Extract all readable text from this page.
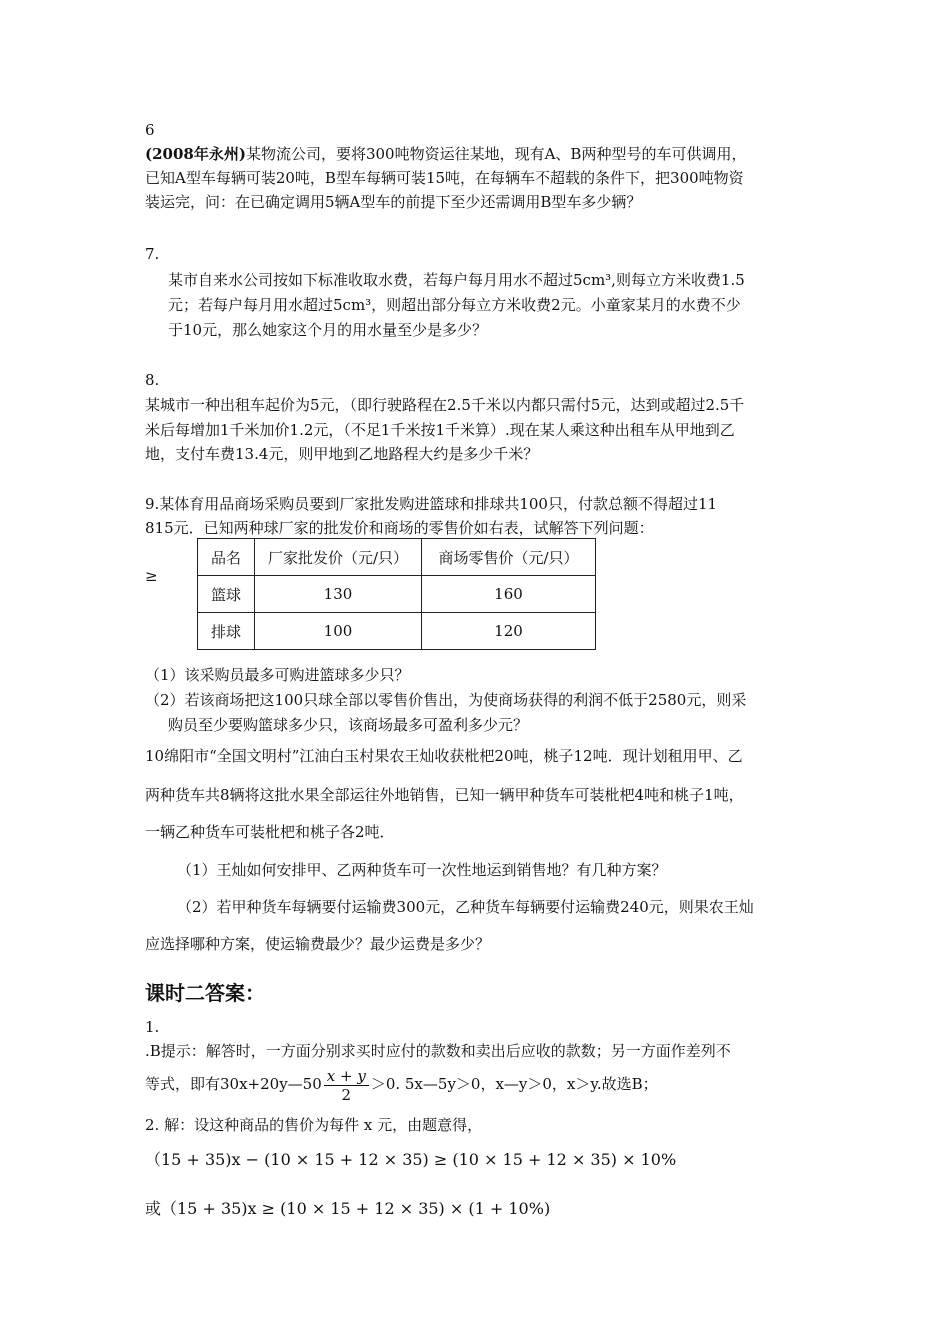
6
(2008年永州)某物流公司，要将300吨物资运往某地，现有A、B两种型号的车可供调用，
已知A型车每辆可装20吨，B型车每辆可装15吨，在每辆车不超载的条件下，把300吨物资
装运完，问：在已确定调用5辆A型车的前提下至少还需调用B型车多少辆？
7.
某市自来水公司按如下标准收取水费，若每户每月用水不超过5cm³,则每立方米收费1.5
元；若每户每月用水超过5cm³，则超出部分每立方米收费2元。小童家某月的水费不少
于10元，那么她家这个月的用水量至少是多少？
8.
某城市一种出租车起价为5元，（即行驶路程在2.5千米以内都只需付5元，达到或超过2.5千
米后每增加1千米加价1.2元，（不足1千米按1千米算）.现在某人乘这种出租车从甲地到乙
地，支付车费13.4元，则甲地到乙地路程大约是多少千米？
9.某体育用品商场采购员要到厂家批发购进篮球和排球共100只，付款总额不得超过11
815元．已知两种球厂家的批发价和商场的零售价如右表，试解答下列问题：
≥
品名	厂家批发价（元/只）	商场零售价（元/只）
篮球	130	160
排球	100	120
（1）该采购员最多可购进篮球多少只？
（2）若该商场把这100只球全部以零售价售出，为使商场获得的利润不低于2580元，则采
购员至少要购篮球多少只，该商场最多可盈利多少元？
10绵阳市“全国文明村”江油白玉村果农王灿收获枇杷20吨，桃子12吨．现计划租用甲、乙
两种货车共8辆将这批水果全部运往外地销售，已知一辆甲种货车可装枇杷4吨和桃子1吨，
一辆乙种货车可装枇杷和桃子各2吨．
（1）王灿如何安排甲、乙两种货车可一次性地运到销售地？有几种方案？
（2）若甲种货车每辆要付运输费300元，乙种货车每辆要付运输费240元，则果农王灿
应选择哪种方案，使运输费最少？最少运费是多少？
课时二答案：
1.
.B提示：解答时，一方面分别求买时应付的款数和卖出后应收的款数；另一方面作差列不
等式，即有30x+20y—50 $\frac{x + y}{2} >0$. 5x—5y＞0，x—y＞0，x＞y.故选B；
2. 解：设这种商品的售价为每件 x 元，由题意得，
（15 + 35)x − (10 × 15 + 12 × 35) ≥ (10 × 15 + 12 × 35) × 10%
或（15 + 35)x ≥ (10 × 15 + 12 × 35) × (1 + 10%)
